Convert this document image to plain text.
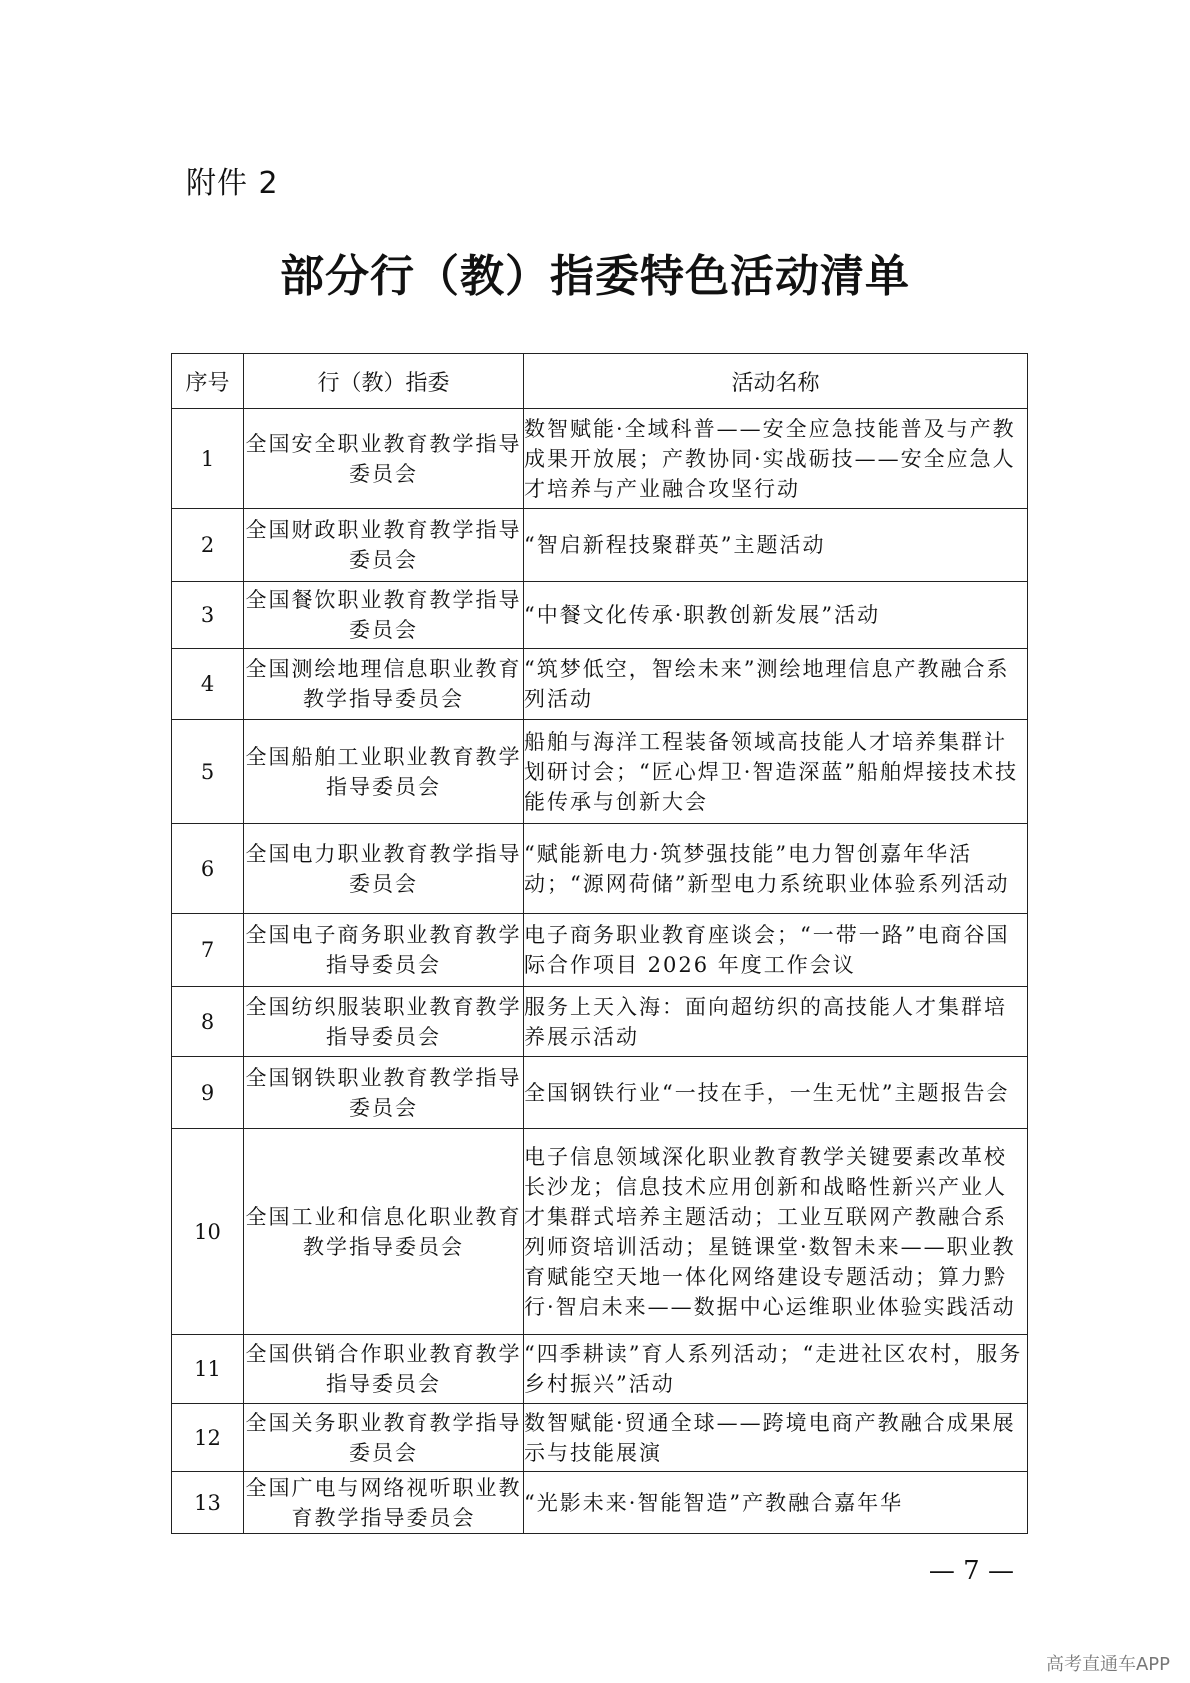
附件 2
部分行（教）指委特色活动清单
序号	行（教）指委	活动名称
1	全国安全职业教育教学指导委员会	数智赋能·全域科普——安全应急技能普及与产教成果开放展；产教协同·实战砺技——安全应急人才培养与产业融合攻坚行动
2	全国财政职业教育教学指导委员会	“智启新程技聚群英”主题活动
3	全国餐饮职业教育教学指导委员会	“中餐文化传承·职教创新发展”活动
4	全国测绘地理信息职业教育教学指导委员会	“筑梦低空，智绘未来”测绘地理信息产教融合系列活动
5	全国船舶工业职业教育教学指导委员会	船舶与海洋工程装备领域高技能人才培养集群计划研讨会；“匠心焊卫·智造深蓝”船舶焊接技术技能传承与创新大会
6	全国电力职业教育教学指导委员会	“赋能新电力·筑梦强技能”电力智创嘉年华活动；“源网荷储”新型电力系统职业体验系列活动
7	全国电子商务职业教育教学指导委员会	电子商务职业教育座谈会；“一带一路”电商谷国际合作项目 2026 年度工作会议
8	全国纺织服装职业教育教学指导委员会	服务上天入海：面向超纺织的高技能人才集群培养展示活动
9	全国钢铁职业教育教学指导委员会	全国钢铁行业“一技在手，一生无忧”主题报告会
10	全国工业和信息化职业教育教学指导委员会	电子信息领域深化职业教育教学关键要素改革校长沙龙；信息技术应用创新和战略性新兴产业人才集群式培养主题活动；工业互联网产教融合系列师资培训活动；星链课堂·数智未来——职业教育赋能空天地一体化网络建设专题活动；算力黔行·智启未来——数据中心运维职业体验实践活动
11	全国供销合作职业教育教学指导委员会	“四季耕读”育人系列活动；“走进社区农村，服务乡村振兴”活动
12	全国关务职业教育教学指导委员会	数智赋能·贸通全球——跨境电商产教融合成果展示与技能展演
13	全国广电与网络视听职业教育教学指导委员会	“光影未来·智能智造”产教融合嘉年华
— 7 —
高考直通车APP
